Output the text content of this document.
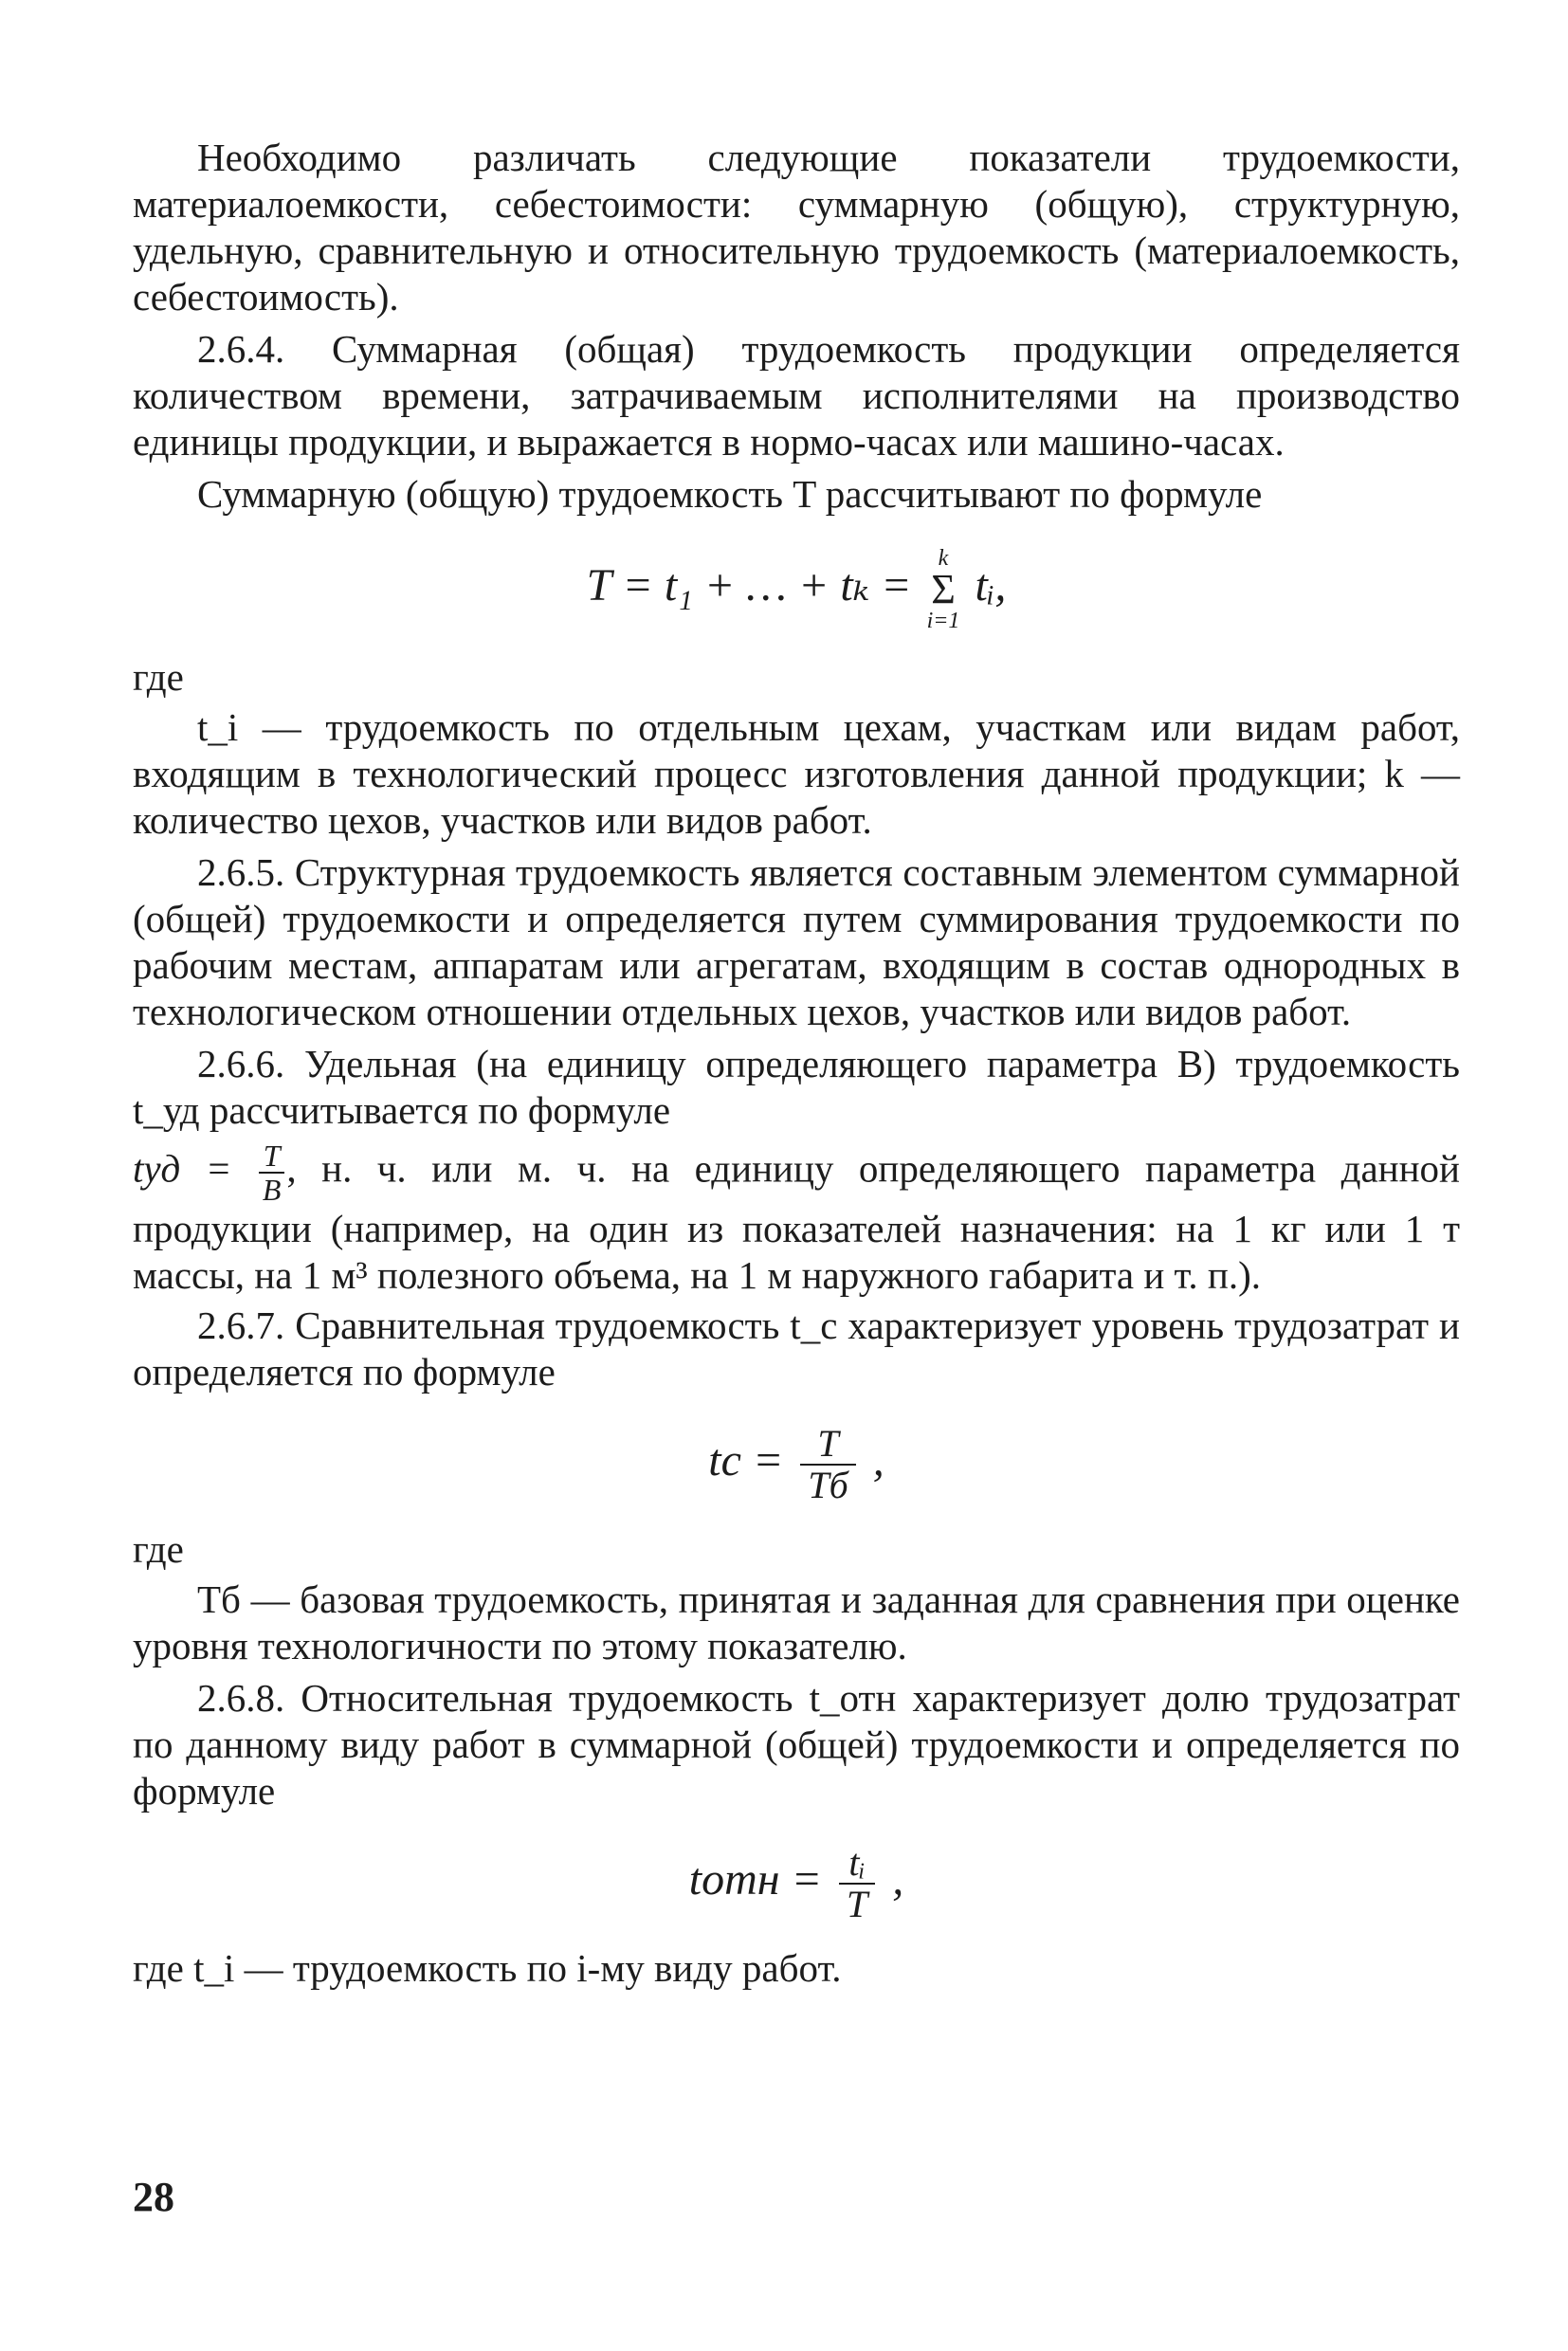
Необходимо различать следующие показатели трудоемкости, материалоемкости, себестоимости: суммарную (общую), структурную, удельную, сравнительную и относительную трудоемкость (материалоемкость, себестоимость).

2.6.4. Суммарная (общая) трудоемкость продукции определяется количеством времени, затрачиваемым исполнителями на производство единицы продукции, и выражается в нормо-часах или машино-часах.

Суммарную (общую) трудоемкость T рассчитывают по формуле

T = t₁ + … + tₖ = k
Σ
i=1 tᵢ,

где

t_i — трудоемкость по отдельным цехам, участкам или видам работ, входящим в технологический процесс изготовления данной продукции; k — количество цехов, участков или видов работ.

2.6.5. Структурная трудоемкость является составным элементом суммарной (общей) трудоемкости и определяется путем суммирования трудоемкости по рабочим местам, аппаратам или агрегатам, входящим в состав однородных в технологическом отношении отдельных цехов, участков или видов работ.

2.6.6. Удельная (на единицу определяющего параметра B) трудоемкость t_уд рассчитывается по формуле

tуд = $\frac{T}{B}$ , н. ч. или м. ч. на единицу определяющего параметра данной продукции (например, на один из показателей назначения: на 1 кг или 1 т массы, на 1 м³ полезного объема, на 1 м наружного габарита и т. п.).

2.6.7. Сравнительная трудоемкость t_c характеризует уровень трудозатрат и определяется по формуле

tс = $\frac{T}{Tб}$ ,

где

Tб — базовая трудоемкость, принятая и заданная для сравнения при оценке уровня технологичности по этому показателю.

2.6.8. Относительная трудоемкость t_отн характеризует долю трудозатрат по данному виду работ в суммарной (общей) трудоемкости и определяется по формуле

tотн = $\frac{\text{tᵢ}}{T}$ ,

где t_i — трудоемкость по i-му виду работ.

28
